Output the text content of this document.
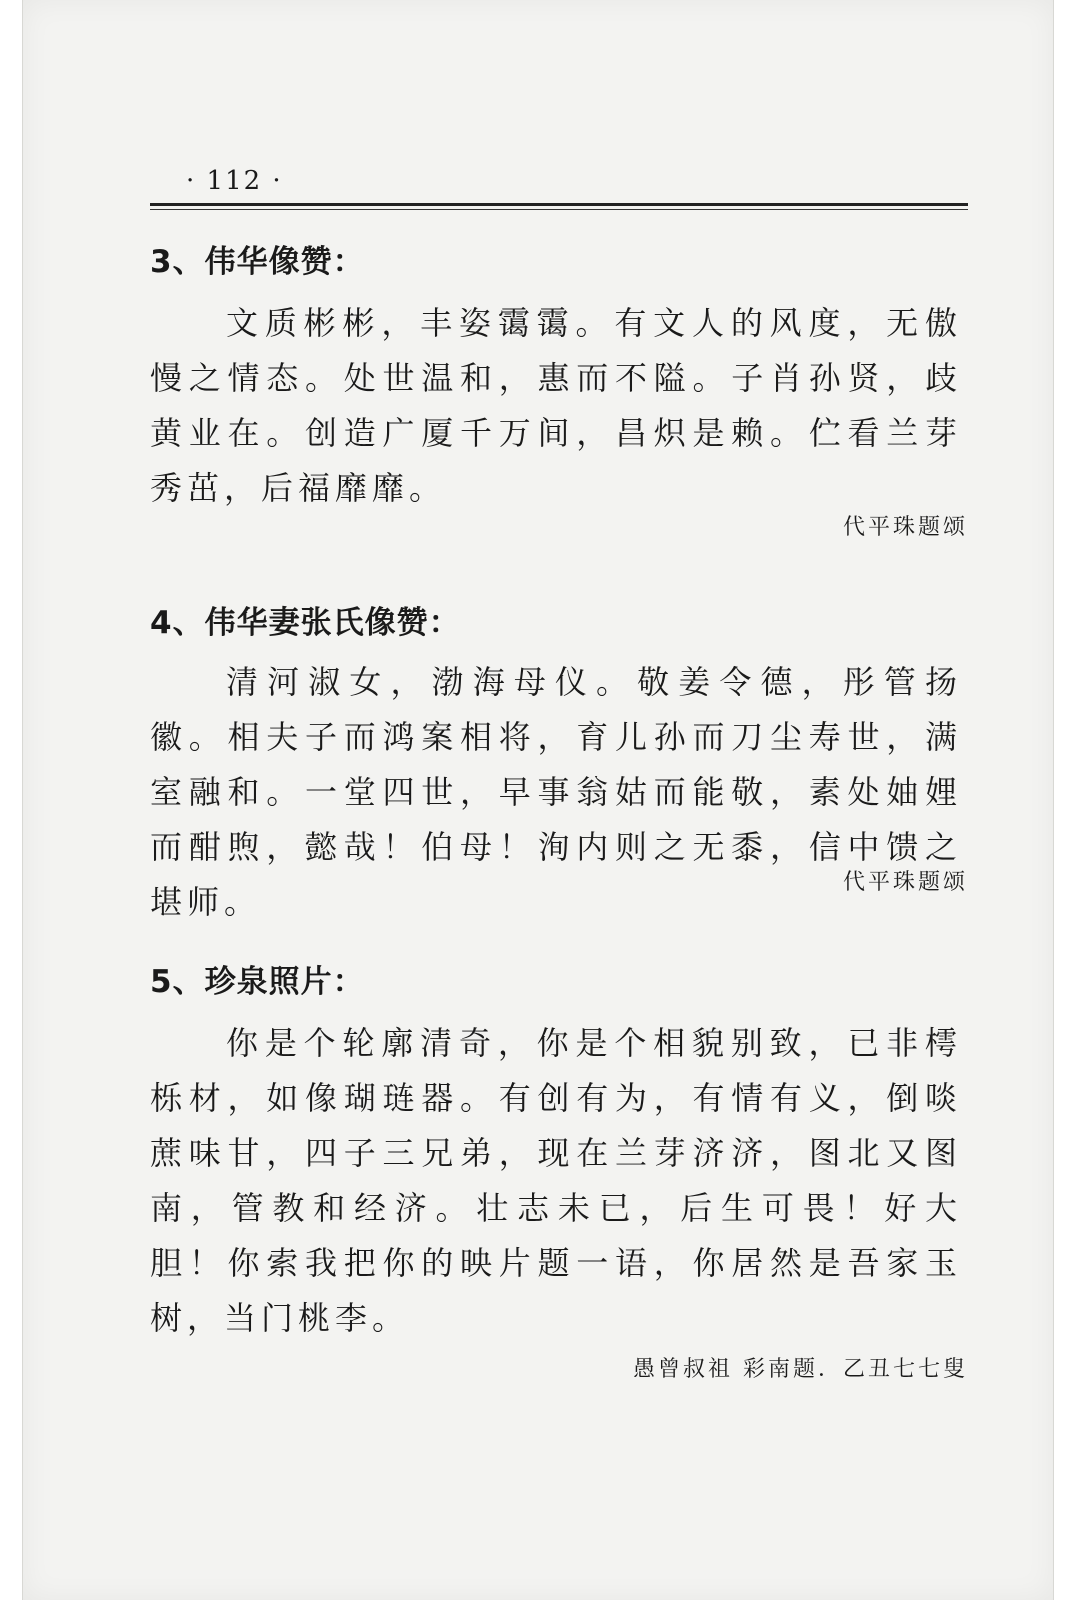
· 112 ·
3、伟华像赞：

文质彬彬，丰姿霭霭。有文人的风度，无傲慢之情态。处世温和，惠而不隘。子肖孙贤，歧黄业在。创造广厦千万间，昌炽是赖。伫看兰芽秀茁，后福靡靡。

代平珠题颂

4、伟华妻张氏像赞：

清河淑女，渤海母仪。敬姜令德，彤管扬徽。相夫子而鸿案相将，育儿孙而刀尘寿世，满室融和。一堂四世，早事翁姑而能敬，素处妯娌而酣煦，懿哉！伯母！洵内则之无黍，信中馈之堪师。

代平珠题颂

5、珍泉照片：

你是个轮廓清奇，你是个相貌别致，已非樗栎材，如像瑚琏器。有创有为，有情有义，倒啖蔗味甘，四子三兄弟，现在兰芽济济，图北又图南，管教和经济。壮志未已，后生可畏！好大胆！你索我把你的映片题一语，你居然是吾家玉树，当门桃李。

愚曾叔祖 彩南题．乙丑七七叟
